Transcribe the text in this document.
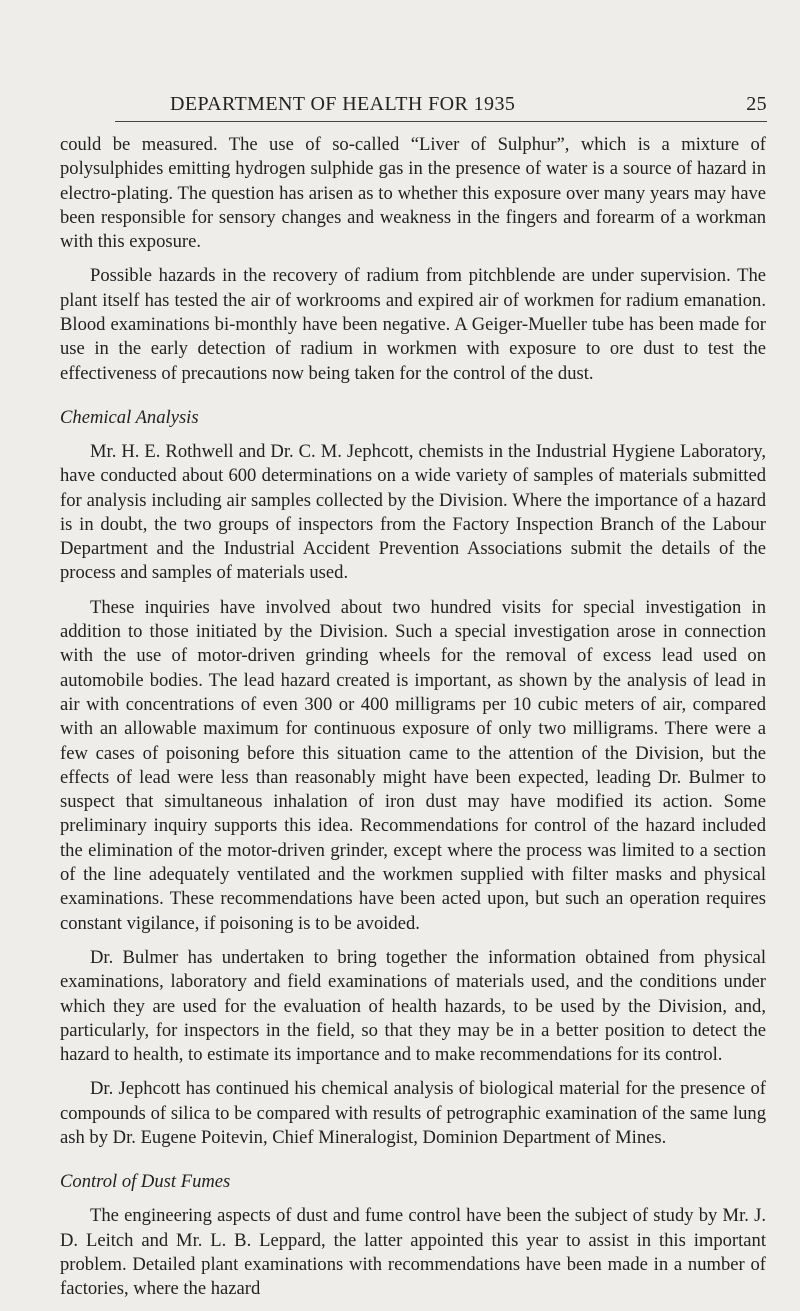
DEPARTMENT OF HEALTH FOR 1935	25

could be measured. The use of so-called “Liver of Sulphur”, which is a mixture of polysulphides emitting hydrogen sulphide gas in the presence of water is a source of hazard in electro-plating. The question has arisen as to whether this exposure over many years may have been responsible for sensory changes and weakness in the fingers and forearm of a workman with this exposure.

Possible hazards in the recovery of radium from pitchblende are under supervision. The plant itself has tested the air of workrooms and expired air of workmen for radium emanation. Blood examinations bi-monthly have been negative. A Geiger-Mueller tube has been made for use in the early detection of radium in workmen with exposure to ore dust to test the effectiveness of precautions now being taken for the control of the dust.

Chemical Analysis

Mr. H. E. Rothwell and Dr. C. M. Jephcott, chemists in the Industrial Hygiene Laboratory, have conducted about 600 determinations on a wide variety of samples of materials submitted for analysis including air samples collected by the Division. Where the importance of a hazard is in doubt, the two groups of inspectors from the Factory Inspection Branch of the Labour Department and the Industrial Accident Prevention Associations submit the details of the process and samples of materials used.

These inquiries have involved about two hundred visits for special investigation in addition to those initiated by the Division. Such a special investigation arose in connection with the use of motor-driven grinding wheels for the removal of excess lead used on automobile bodies. The lead hazard created is important, as shown by the analysis of lead in air with concentrations of even 300 or 400 milligrams per 10 cubic meters of air, compared with an allowable maximum for continuous exposure of only two milligrams. There were a few cases of poisoning before this situation came to the attention of the Division, but the effects of lead were less than reasonably might have been expected, leading Dr. Bulmer to suspect that simultaneous inhalation of iron dust may have modified its action. Some preliminary inquiry supports this idea. Recommendations for control of the hazard included the elimination of the motor-driven grinder, except where the process was limited to a section of the line adequately ventilated and the workmen supplied with filter masks and physical examinations. These recommendations have been acted upon, but such an operation requires constant vigilance, if poisoning is to be avoided.

Dr. Bulmer has undertaken to bring together the information obtained from physical examinations, laboratory and field examinations of materials used, and the conditions under which they are used for the evaluation of health hazards, to be used by the Division, and, particularly, for inspectors in the field, so that they may be in a better position to detect the hazard to health, to estimate its importance and to make recommendations for its control.

Dr. Jephcott has continued his chemical analysis of biological material for the presence of compounds of silica to be compared with results of petrographic examination of the same lung ash by Dr. Eugene Poitevin, Chief Mineralogist, Dominion Department of Mines.

Control of Dust Fumes

The engineering aspects of dust and fume control have been the subject of study by Mr. J. D. Leitch and Mr. L. B. Leppard, the latter appointed this year to assist in this important problem. Detailed plant examinations with recommendations have been made in a number of factories, where the hazard
